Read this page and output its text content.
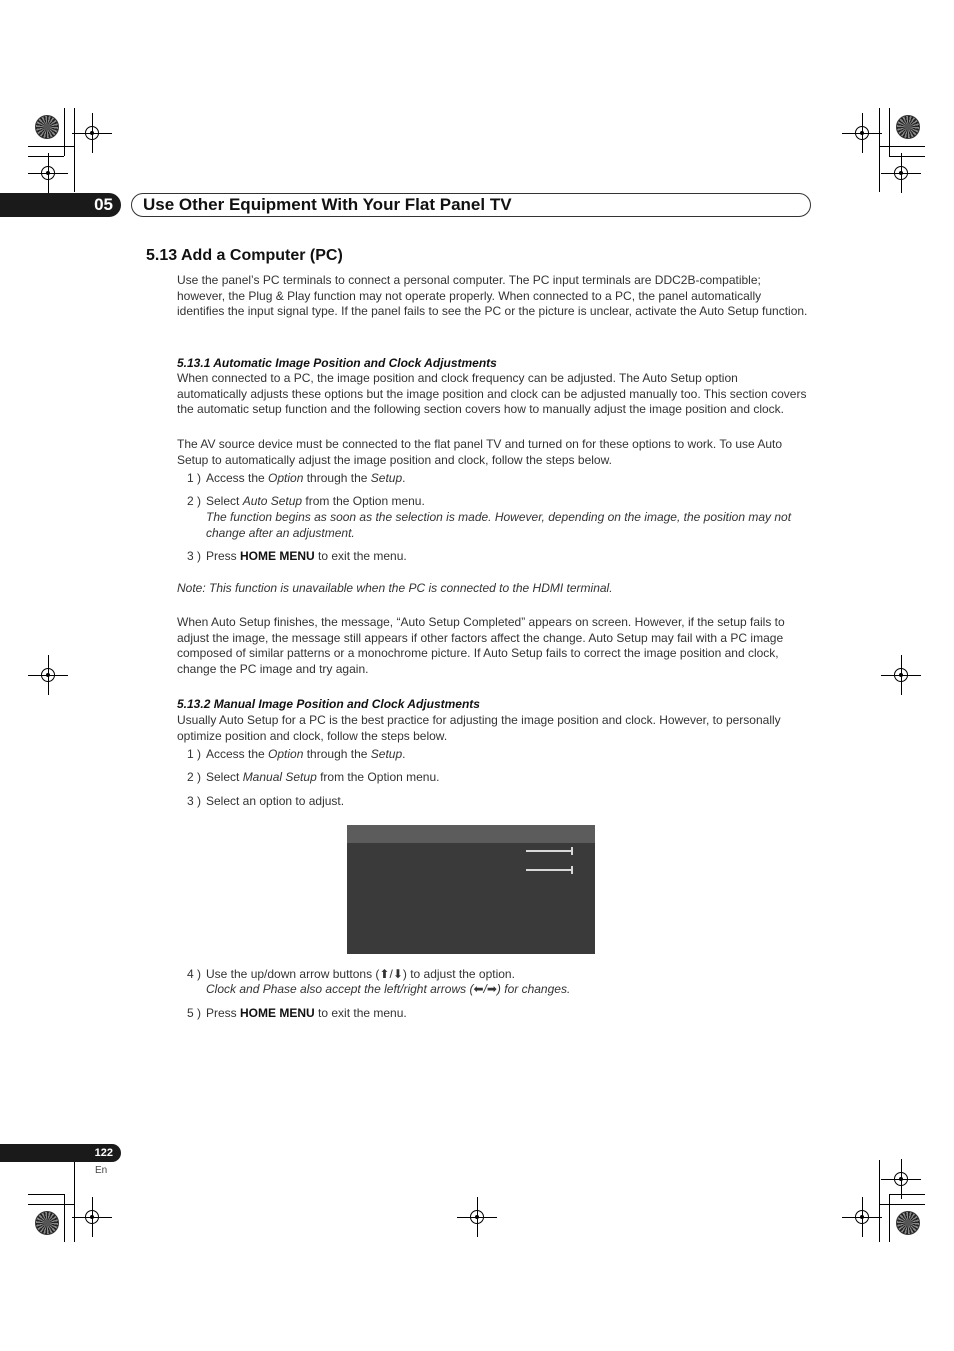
05	Use Other Equipment With Your Flat Panel TV
5.13 Add a Computer (PC)
Use the panel’s PC terminals to connect a personal computer. The PC input terminals are DDC2B-compatible; however, the Plug & Play function may not operate properly. When connected to a PC, the panel automatically identifies the input signal type. If the panel fails to see the PC or the picture is unclear, activate the Auto Setup function.
5.13.1 Automatic Image Position and Clock Adjustments
When connected to a PC, the image position and clock frequency can be adjusted. The Auto Setup option automatically adjusts these options but the image position and clock can be adjusted manually too. This section covers the automatic setup function and the following section covers how to manually adjust the image position and clock.
The AV source device must be connected to the flat panel TV and turned on for these options to work. To use Auto Setup to automatically adjust the image position and clock, follow the steps below.
1 ) Access the Option through the Setup.
2 ) Select Auto Setup from the Option menu.
The function begins as soon as the selection is made. However, depending on the image, the position may not change after an adjustment.
3 ) Press HOME MENU to exit the menu.
Note: This function is unavailable when the PC is connected to the HDMI terminal.
When Auto Setup finishes, the message, “Auto Setup Completed” appears on screen. However, if the setup fails to adjust the image, the message still appears if other factors affect the change. Auto Setup may fail with a PC image composed of similar patterns or a monochrome picture. If Auto Setup fails to correct the image position and clock, change the PC image and try again.
5.13.2 Manual Image Position and Clock Adjustments
Usually Auto Setup for a PC is the best practice for adjusting the image position and clock. However, to personally optimize position and clock, follow the steps below.
1 ) Access the Option through the Setup.
2 ) Select Manual Setup from the Option menu.
3 ) Select an option to adjust.
4 ) Use the up/down arrow buttons (⬆/⬇) to adjust the option.
Clock and Phase also accept the left/right arrows (⬅/➡) for changes.
5 ) Press HOME MENU to exit the menu.
122
En
